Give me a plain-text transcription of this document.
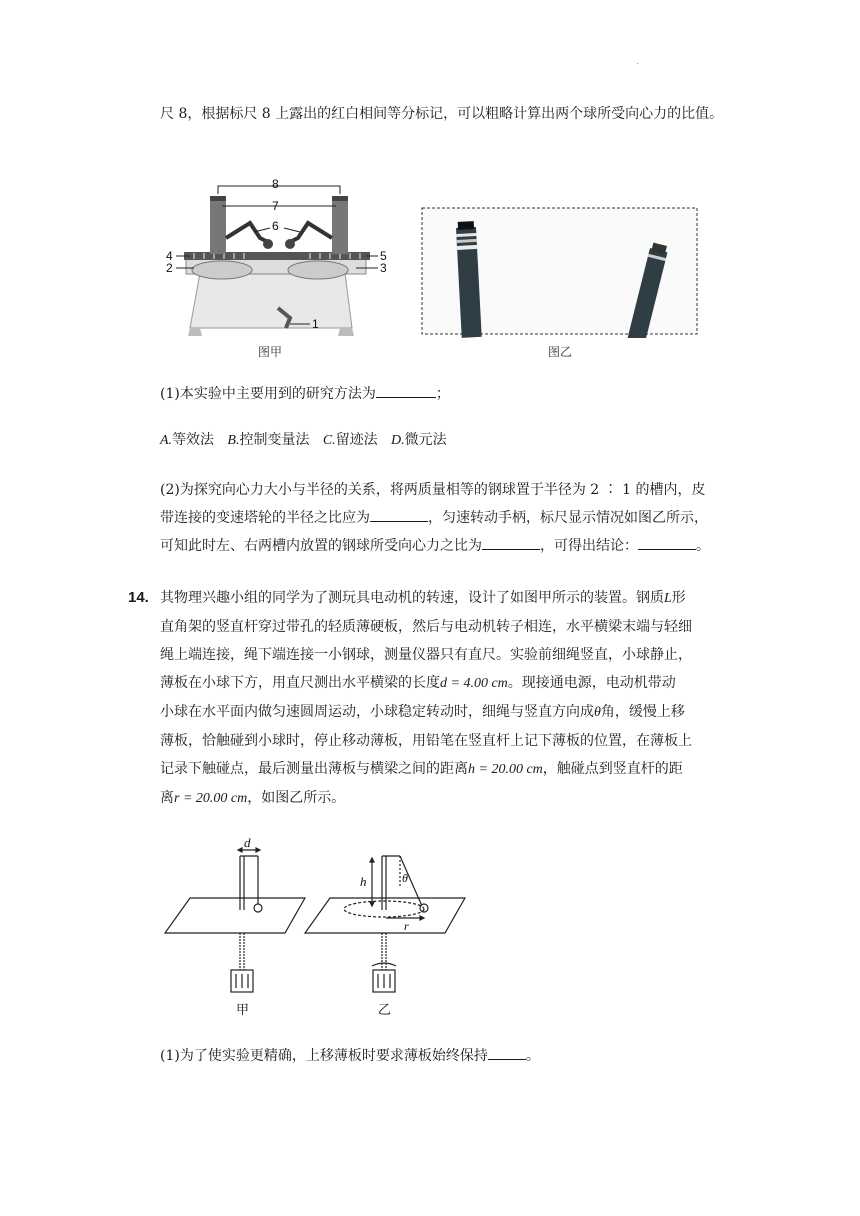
·
尺 8，根据标尺 8 上露出的红白相间等分标记，可以粗略计算出两个球所受向心力的比值。
8
7
6
4	5
2	3
1
图甲	图乙
(1)本实验中主要用到的研究方法为	；
A.等效法 B.控制变量法 C.留迹法 D.微元法
(2)为探究向心力大小与半径的关系，将两质量相等的钢球置于半径为 2 ∶ 1 的槽内，皮
带连接的变速塔轮的半径之比应为	，匀速转动手柄，标尺显示情况如图乙所示，
可知此时左、右两槽内放置的钢球所受向心力之比为	，可得出结论：	。
14. 其物理兴趣小组的同学为了测玩具电动机的转速，设计了如图甲所示的装置。钢质L形
直角架的竖直杆穿过带孔的轻质薄硬板，然后与电动机转子相连，水平横梁末端与轻细
绳上端连接，绳下端连接一小钢球，测量仪器只有直尺。实验前细绳竖直，小球静止，
薄板在小球下方，用直尺测出水平横梁的长度d = 4.00 cm。现接通电源，电动机带动
小球在水平面内做匀速圆周运动，小球稳定转动时，细绳与竖直方向成θ角，缓慢上移
薄板，恰触碰到小球时，停止移动薄板，用铅笔在竖直杆上记下薄板的位置，在薄板上
记录下触碰点，最后测量出薄板与横梁之间的距离h = 20.00 cm，触碰点到竖直杆的距
离r = 20.00 cm，如图乙所示。
d
h	θ
r
甲	乙
(1)为了使实验更精确，上移薄板时要求薄板始终保持	。
